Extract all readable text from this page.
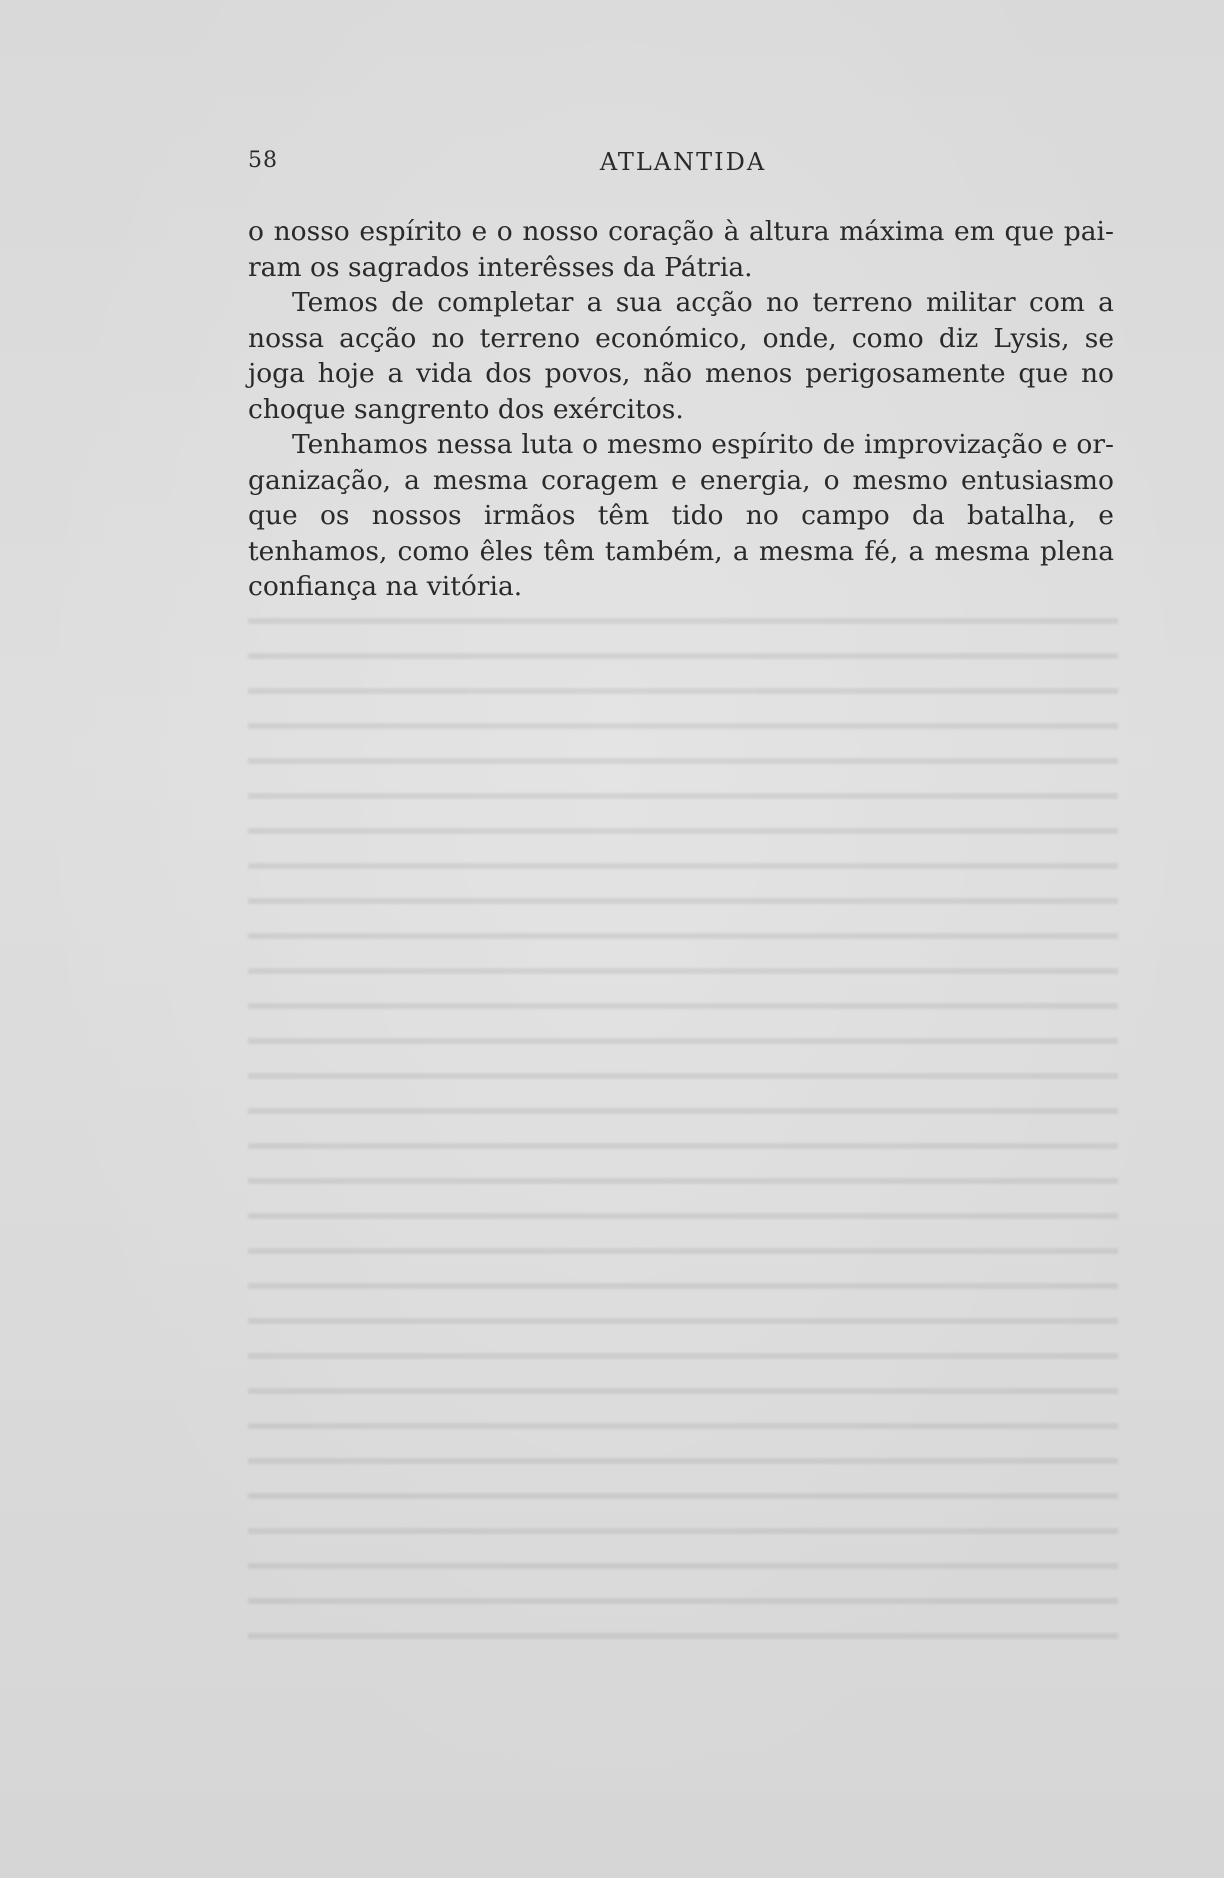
58	ATLANTIDA

o nosso espírito e o nosso coração à altura máxima em que pairam os sagrados interêsses da Pátria.

Temos de completar a sua acção no terreno militar com a nossa acção no terreno económico, onde, como diz Lysis, se joga hoje a vida dos povos, não menos perigosamente que no choque sangrento dos exércitos.

Tenhamos nessa luta o mesmo espírito de improvização e organização, a mesma coragem e energia, o mesmo entusiasmo que os nossos irmãos têm tido no campo da batalha, e tenhamos, como êles têm também, a mesma fé, a mesma plena confiança na vitória.
